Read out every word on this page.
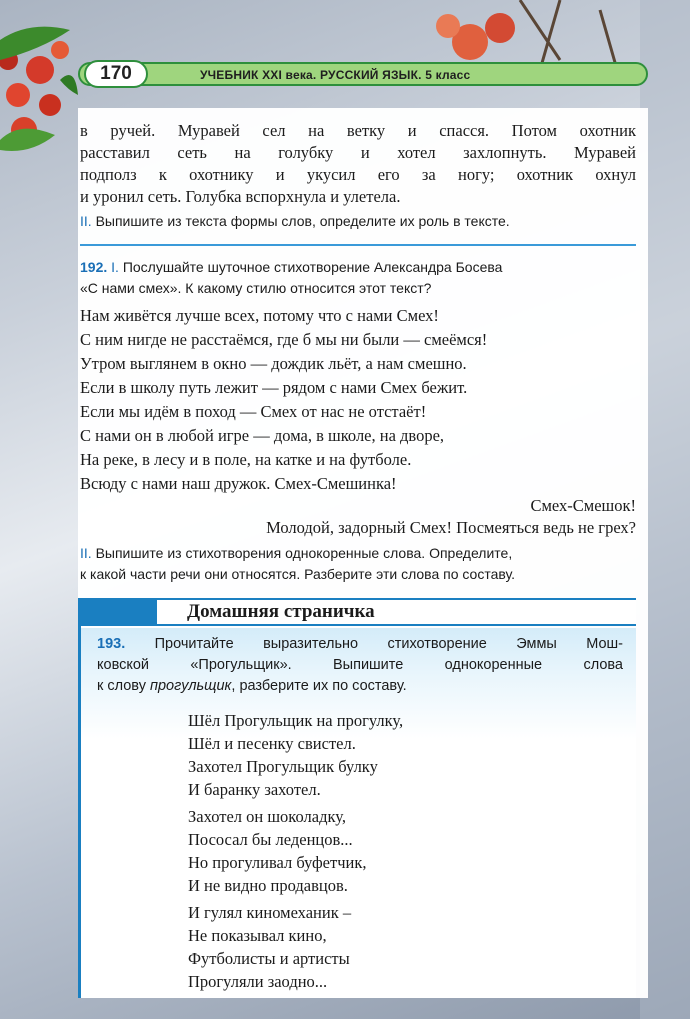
170	УЧЕБНИК XXI века. РУССКИЙ ЯЗЫК. 5 класс
в ручей. Муравей сел на ветку и спасся. Потом охотник
расставил сеть на голубку и хотел захлопнуть. Муравей
подполз к охотнику и укусил его за ногу; охотник охнул
и уронил сеть. Голубка вспорхнула и улетела.
II. Выпишите из текста формы слов, определите их роль в тексте.
192. I. Послушайте шуточное стихотворение Александра Босева
«С нами смех». К какому стилю относится этот текст?
Нам живётся лучше всех, потому что с нами Смех!
С ним нигде не расстаёмся, где б мы ни были — смеёмся!
Утром выглянем в окно — дождик льёт, а нам смешно.
Если в школу путь лежит — рядом с нами Смех бежит.
Если мы идём в поход — Смех от нас не отстаёт!
С нами он в любой игре — дома, в школе, на дворе,
На реке, в лесу и в поле, на катке и на футболе.
Всюду с нами наш дружок. Смех-Смешинка!
Смех-Смешок!
Молодой, задорный Смех! Посмеяться ведь не грех?
II. Выпишите из стихотворения однокоренные слова. Определите,
к какой части речи они относятся. Разберите эти слова по составу.
Домашняя страничка
193. Прочитайте выразительно стихотворение Эммы Мош-
ковской «Прогульщик». Выпишите однокоренные слова
к слову прогульщик, разберите их по составу.
Шёл Прогульщик на прогулку,
Шёл и песенку свистел.
Захотел Прогульщик булку
И баранку захотел.
Захотел он шоколадку,
Пососал бы леденцов...
Но прогуливал буфетчик,
И не видно продавцов.
И гулял киномеханик –
Не показывал кино,
Футболисты и артисты
Прогуляли заодно...
